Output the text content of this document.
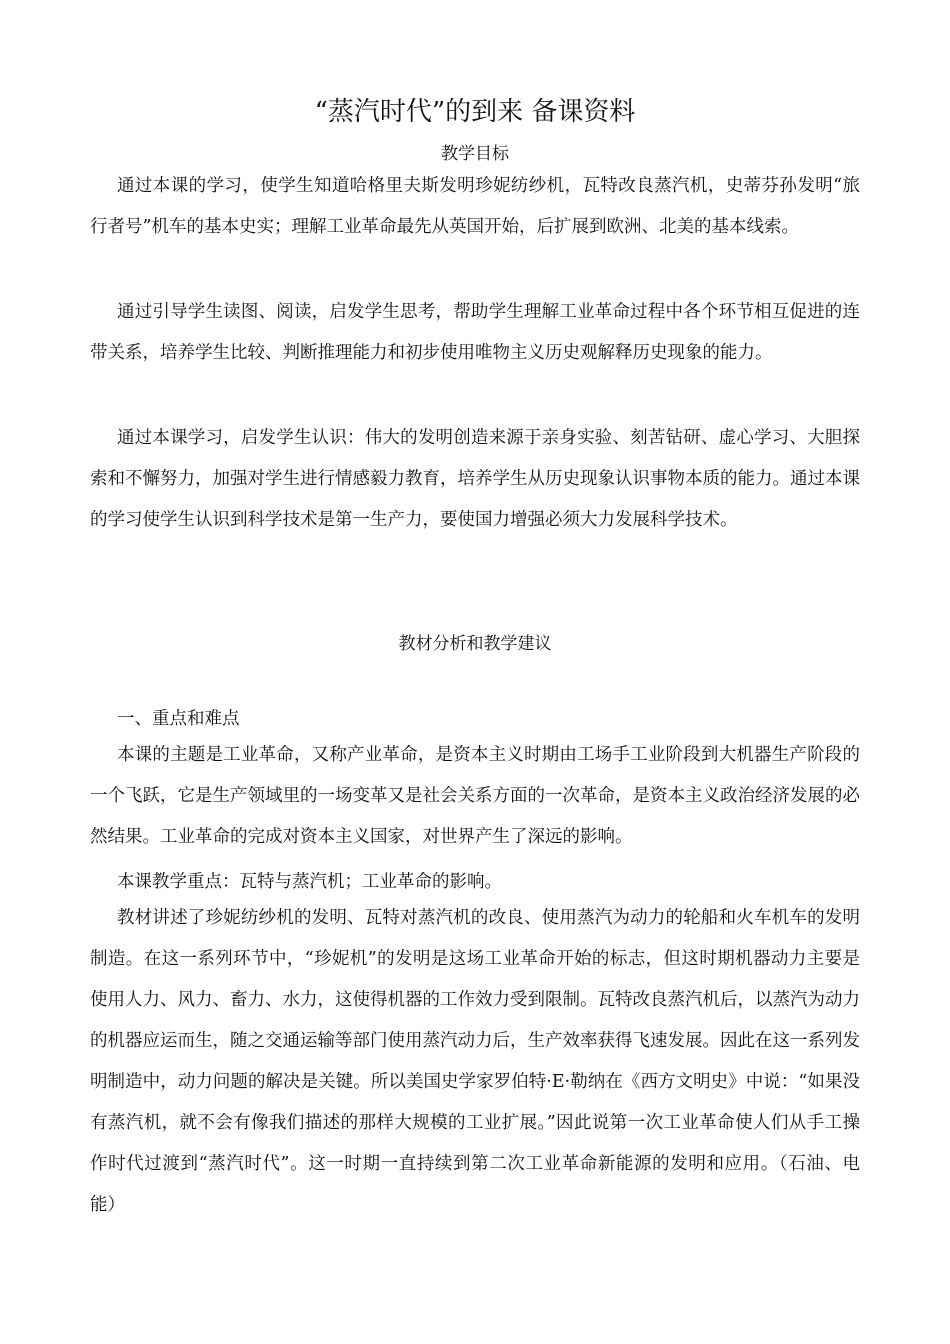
“蒸汽时代”的到来 备课资料
教学目标

通过本课的学习，使学生知道哈格里夫斯发明珍妮纺纱机，瓦特改良蒸汽机，史蒂芬孙发明“旅行者号”机车的基本史实；理解工业革命最先从英国开始，后扩展到欧洲、北美的基本线索。

通过引导学生读图、阅读，启发学生思考，帮助学生理解工业革命过程中各个环节相互促进的连带关系，培养学生比较、判断推理能力和初步使用唯物主义历史观解释历史现象的能力。

通过本课学习，启发学生认识：伟大的发明创造来源于亲身实验、刻苦钻研、虚心学习、大胆探索和不懈努力，加强对学生进行情感毅力教育，培养学生从历史现象认识事物本质的能力。通过本课的学习使学生认识到科学技术是第一生产力，要使国力增强必须大力发展科学技术。

教材分析和教学建议

一、重点和难点

本课的主题是工业革命，又称产业革命，是资本主义时期由工场手工业阶段到大机器生产阶段的一个飞跃，它是生产领域里的一场变革又是社会关系方面的一次革命，是资本主义政治经济发展的必然结果。工业革命的完成对资本主义国家，对世界产生了深远的影响。

本课教学重点：瓦特与蒸汽机；工业革命的影响。

教材讲述了珍妮纺纱机的发明、瓦特对蒸汽机的改良、使用蒸汽为动力的轮船和火车机车的发明制造。在这一系列环节中，“珍妮机”的发明是这场工业革命开始的标志，但这时期机器动力主要是使用人力、风力、畜力、水力，这使得机器的工作效力受到限制。瓦特改良蒸汽机后，以蒸汽为动力的机器应运而生，随之交通运输等部门使用蒸汽动力后，生产效率获得飞速发展。因此在这一系列发明制造中，动力问题的解决是关键。所以美国史学家罗伯特·E·勒纳在《西方文明史》中说：“如果没有蒸汽机，就不会有像我们描述的那样大规模的工业扩展。”因此说第一次工业革命使人们从手工操作时代过渡到“蒸汽时代”。这一时期一直持续到第二次工业革命新能源的发明和应用。（石油、电能）
